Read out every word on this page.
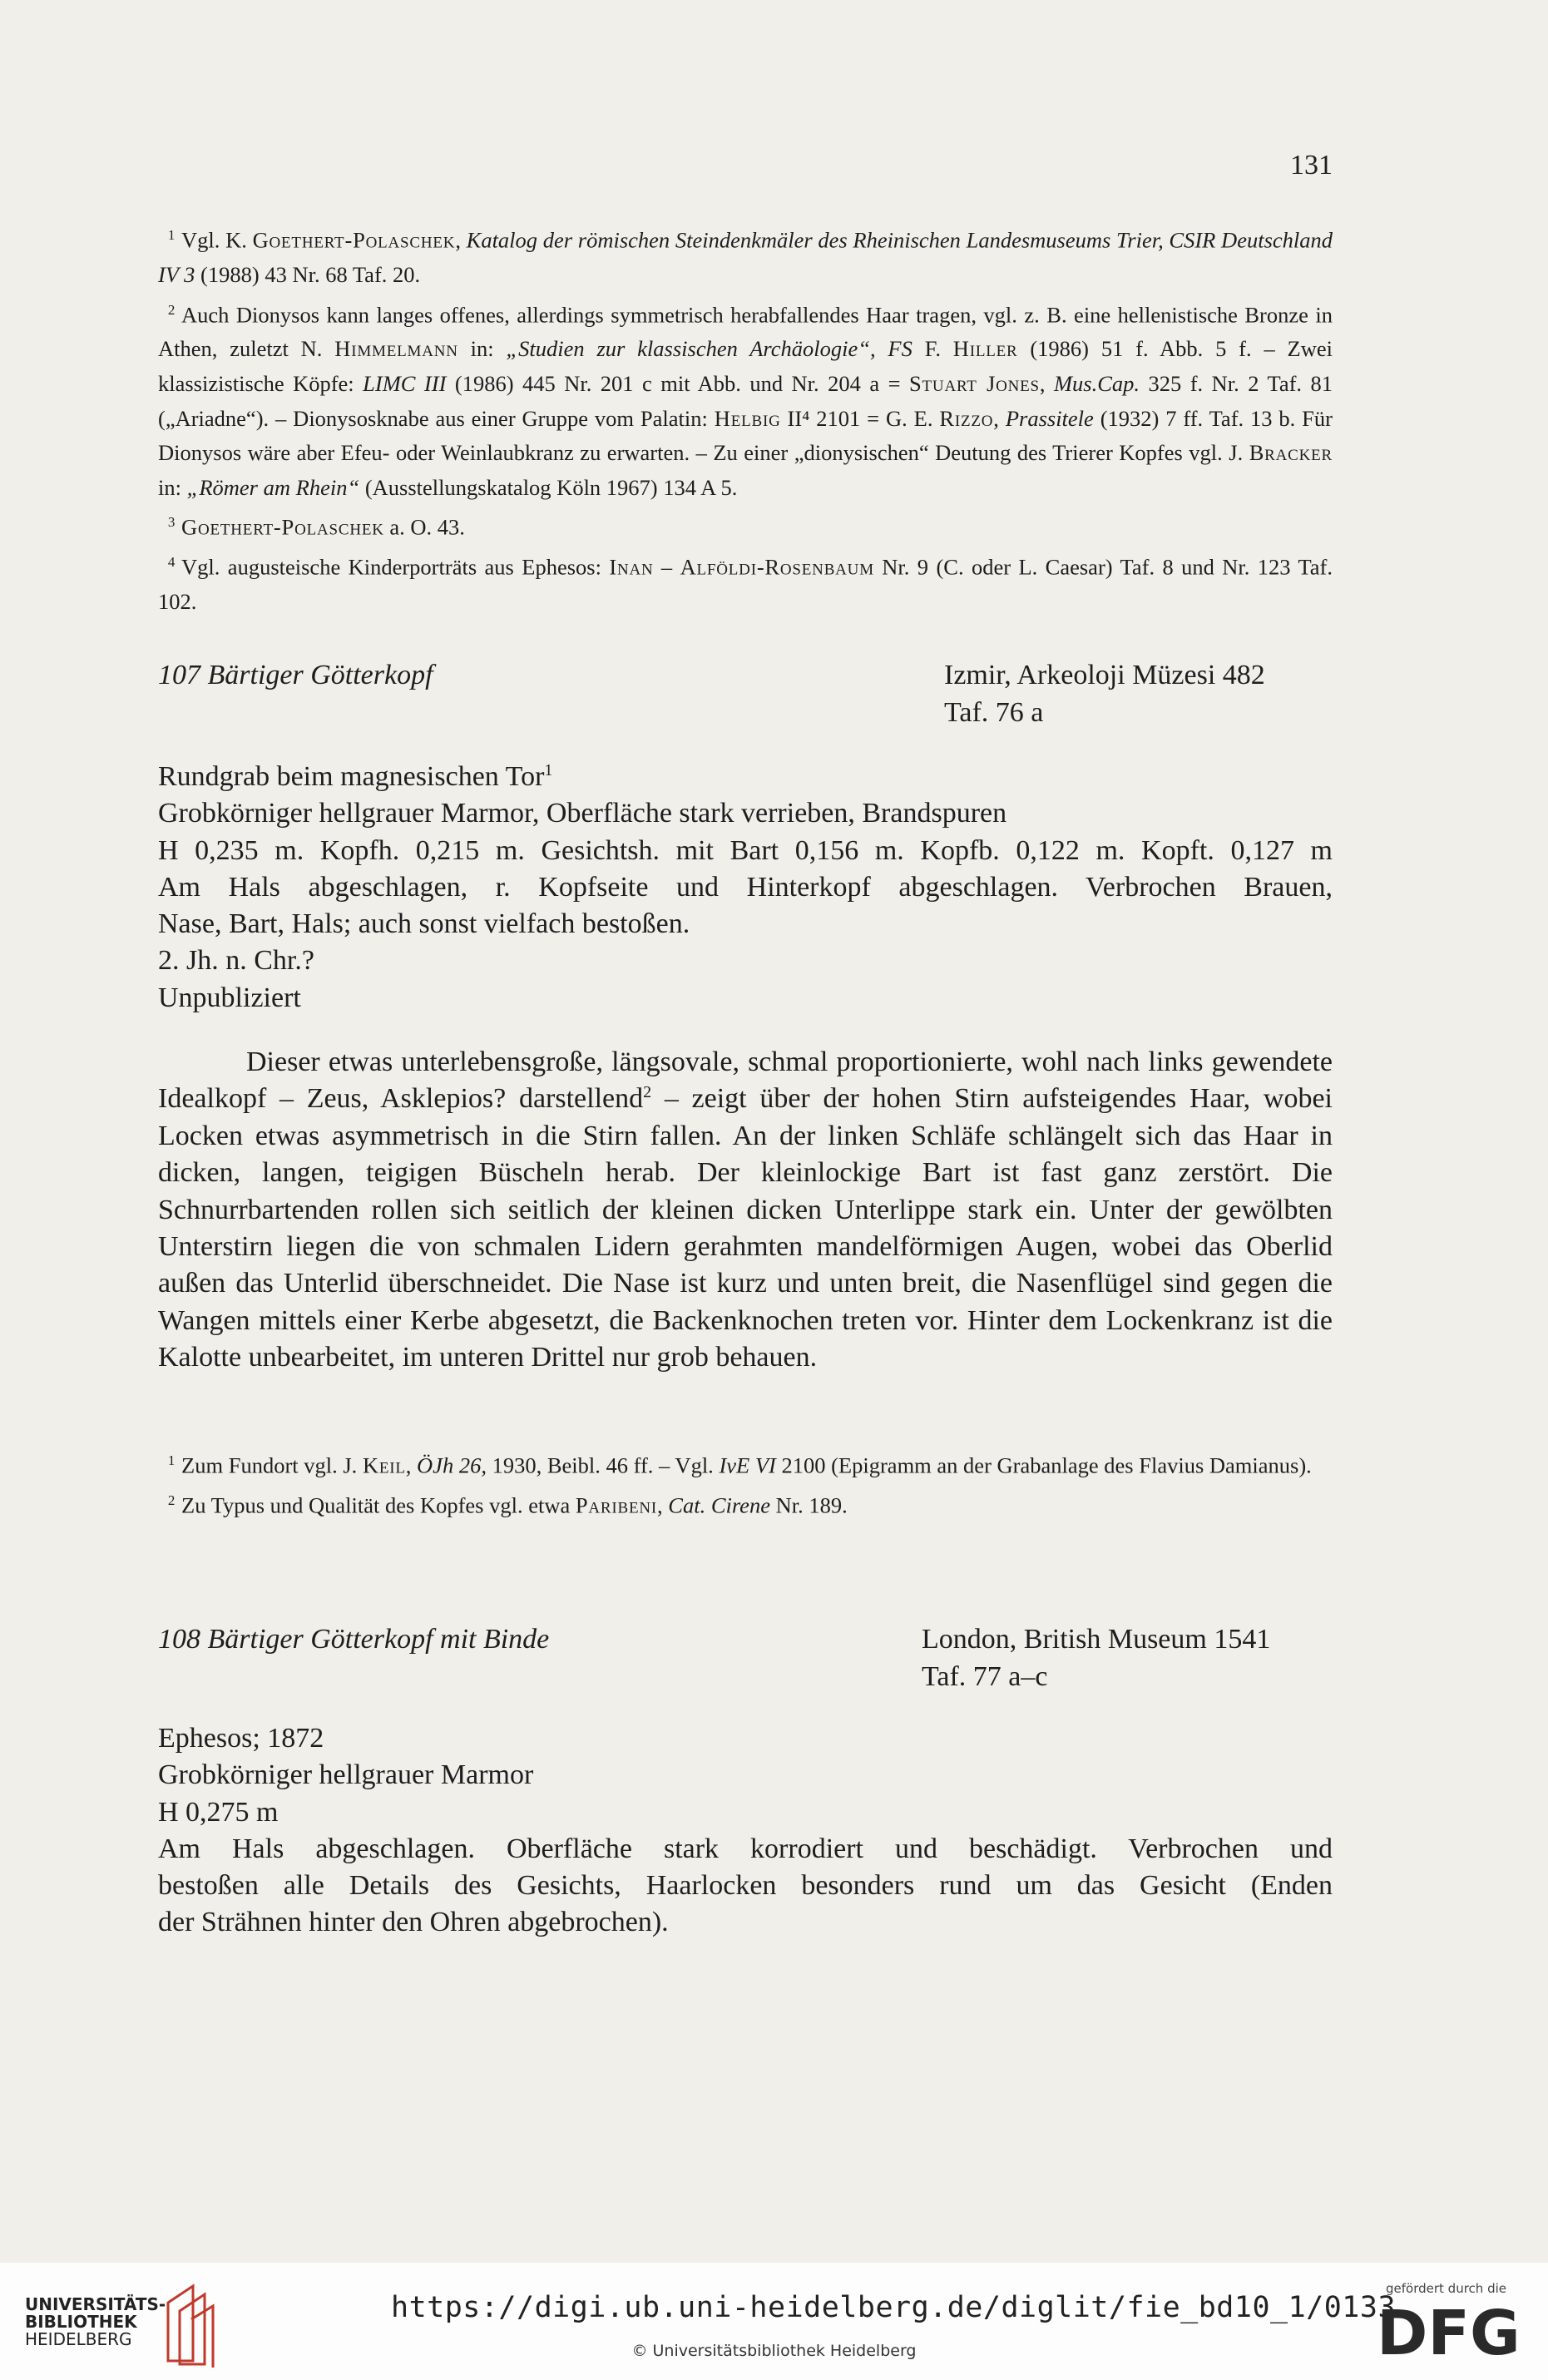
131
$^1$ Vgl. K. Goethert-Polaschek, Katalog der römischen Steindenkmäler des Rheinischen Landesmuseums Trier, CSIR Deutschland IV 3 (1988) 43 Nr. 68 Taf. 20.
$^2$ Auch Dionysos kann langes offenes, allerdings symmetrisch herabfallendes Haar tragen, vgl. z. B. eine hellenistische Bronze in Athen, zuletzt N. Himmelmann in: „Studien zur klassischen Archäologie“, FS F. Hiller (1986) 51 f. Abb. 5 f. – Zwei klassizistische Köpfe: LIMC III (1986) 445 Nr. 201 c mit Abb. und Nr. 204 a = Stuart Jones, Mus.Cap. 325 f. Nr. 2 Taf. 81 („Ariadne“). – Dionysosknabe aus einer Gruppe vom Palatin: Helbig II⁴ 2101 = G. E. Rizzo, Prassitele (1932) 7 ff. Taf. 13 b. Für Dionysos wäre aber Efeu- oder Weinlaubkranz zu erwarten. – Zu einer „dionysischen“ Deutung des Trierer Kopfes vgl. J. Bracker in: „Römer am Rhein“ (Ausstellungskatalog Köln 1967) 134 A 5.
$^3$ Goethert-Polaschek a. O. 43.
$^4$ Vgl. augusteische Kinderporträts aus Ephesos: Inan – Alföldi-Rosenbaum Nr. 9 (C. oder L. Caesar) Taf. 8 und Nr. 123 Taf. 102.
107 Bärtiger Götterkopf	Izmir, Arkeoloji Müzesi 482
Taf. 76 a
Rundgrab beim magnesischen Tor$^1$
Grobkörniger hellgrauer Marmor, Oberfläche stark verrieben, Brandspuren
H 0,235 m. Kopfh. 0,215 m. Gesichtsh. mit Bart 0,156 m. Kopfb. 0,122 m. Kopft. 0,127 m
Am Hals abgeschlagen, r. Kopfseite und Hinterkopf abgeschlagen. Verbrochen Brauen,
Nase, Bart, Hals; auch sonst vielfach bestoßen.
2. Jh. n. Chr.?
Unpubliziert
Dieser etwas unterlebensgroße, längsovale, schmal proportionierte, wohl nach links gewendete Idealkopf – Zeus, Asklepios? darstellend$^2$ – zeigt über der hohen Stirn aufsteigendes Haar, wobei Locken etwas asymmetrisch in die Stirn fallen. An der linken Schläfe schlängelt sich das Haar in dicken, langen, teigigen Büscheln herab. Der kleinlockige Bart ist fast ganz zerstört. Die Schnurrbartenden rollen sich seitlich der kleinen dicken Unterlippe stark ein. Unter der gewölbten Unterstirn liegen die von schmalen Lidern gerahmten mandelförmigen Augen, wobei das Oberlid außen das Unterlid überschneidet. Die Nase ist kurz und unten breit, die Nasenflügel sind gegen die Wangen mittels einer Kerbe abgesetzt, die Backenknochen treten vor. Hinter dem Lockenkranz ist die Kalotte unbearbeitet, im unteren Drittel nur grob behauen.
$^1$ Zum Fundort vgl. J. Keil, ÖJh 26, 1930, Beibl. 46 ff. – Vgl. IvE VI 2100 (Epigramm an der Grabanlage des Flavius Damianus).
$^2$ Zu Typus und Qualität des Kopfes vgl. etwa Paribenı, Cat. Cirene Nr. 189.
108 Bärtiger Götterkopf mit Binde	London, British Museum 1541
Taf. 77 a–c
Ephesos; 1872
Grobkörniger hellgrauer Marmor
H 0,275 m
Am Hals abgeschlagen. Oberfläche stark korrodiert und beschädigt. Verbrochen und
bestoßen alle Details des Gesichts, Haarlocken besonders rund um das Gesicht (Enden
der Strähnen hinter den Ohren abgebrochen).
UNIVERSITÄTS-
BIBLIOTHEK
HEIDELBERG
https://digi.ub.uni-heidelberg.de/diglit/fie_bd10_1/0133
© Universitätsbibliothek Heidelberg
gefördert durch die
DFG
